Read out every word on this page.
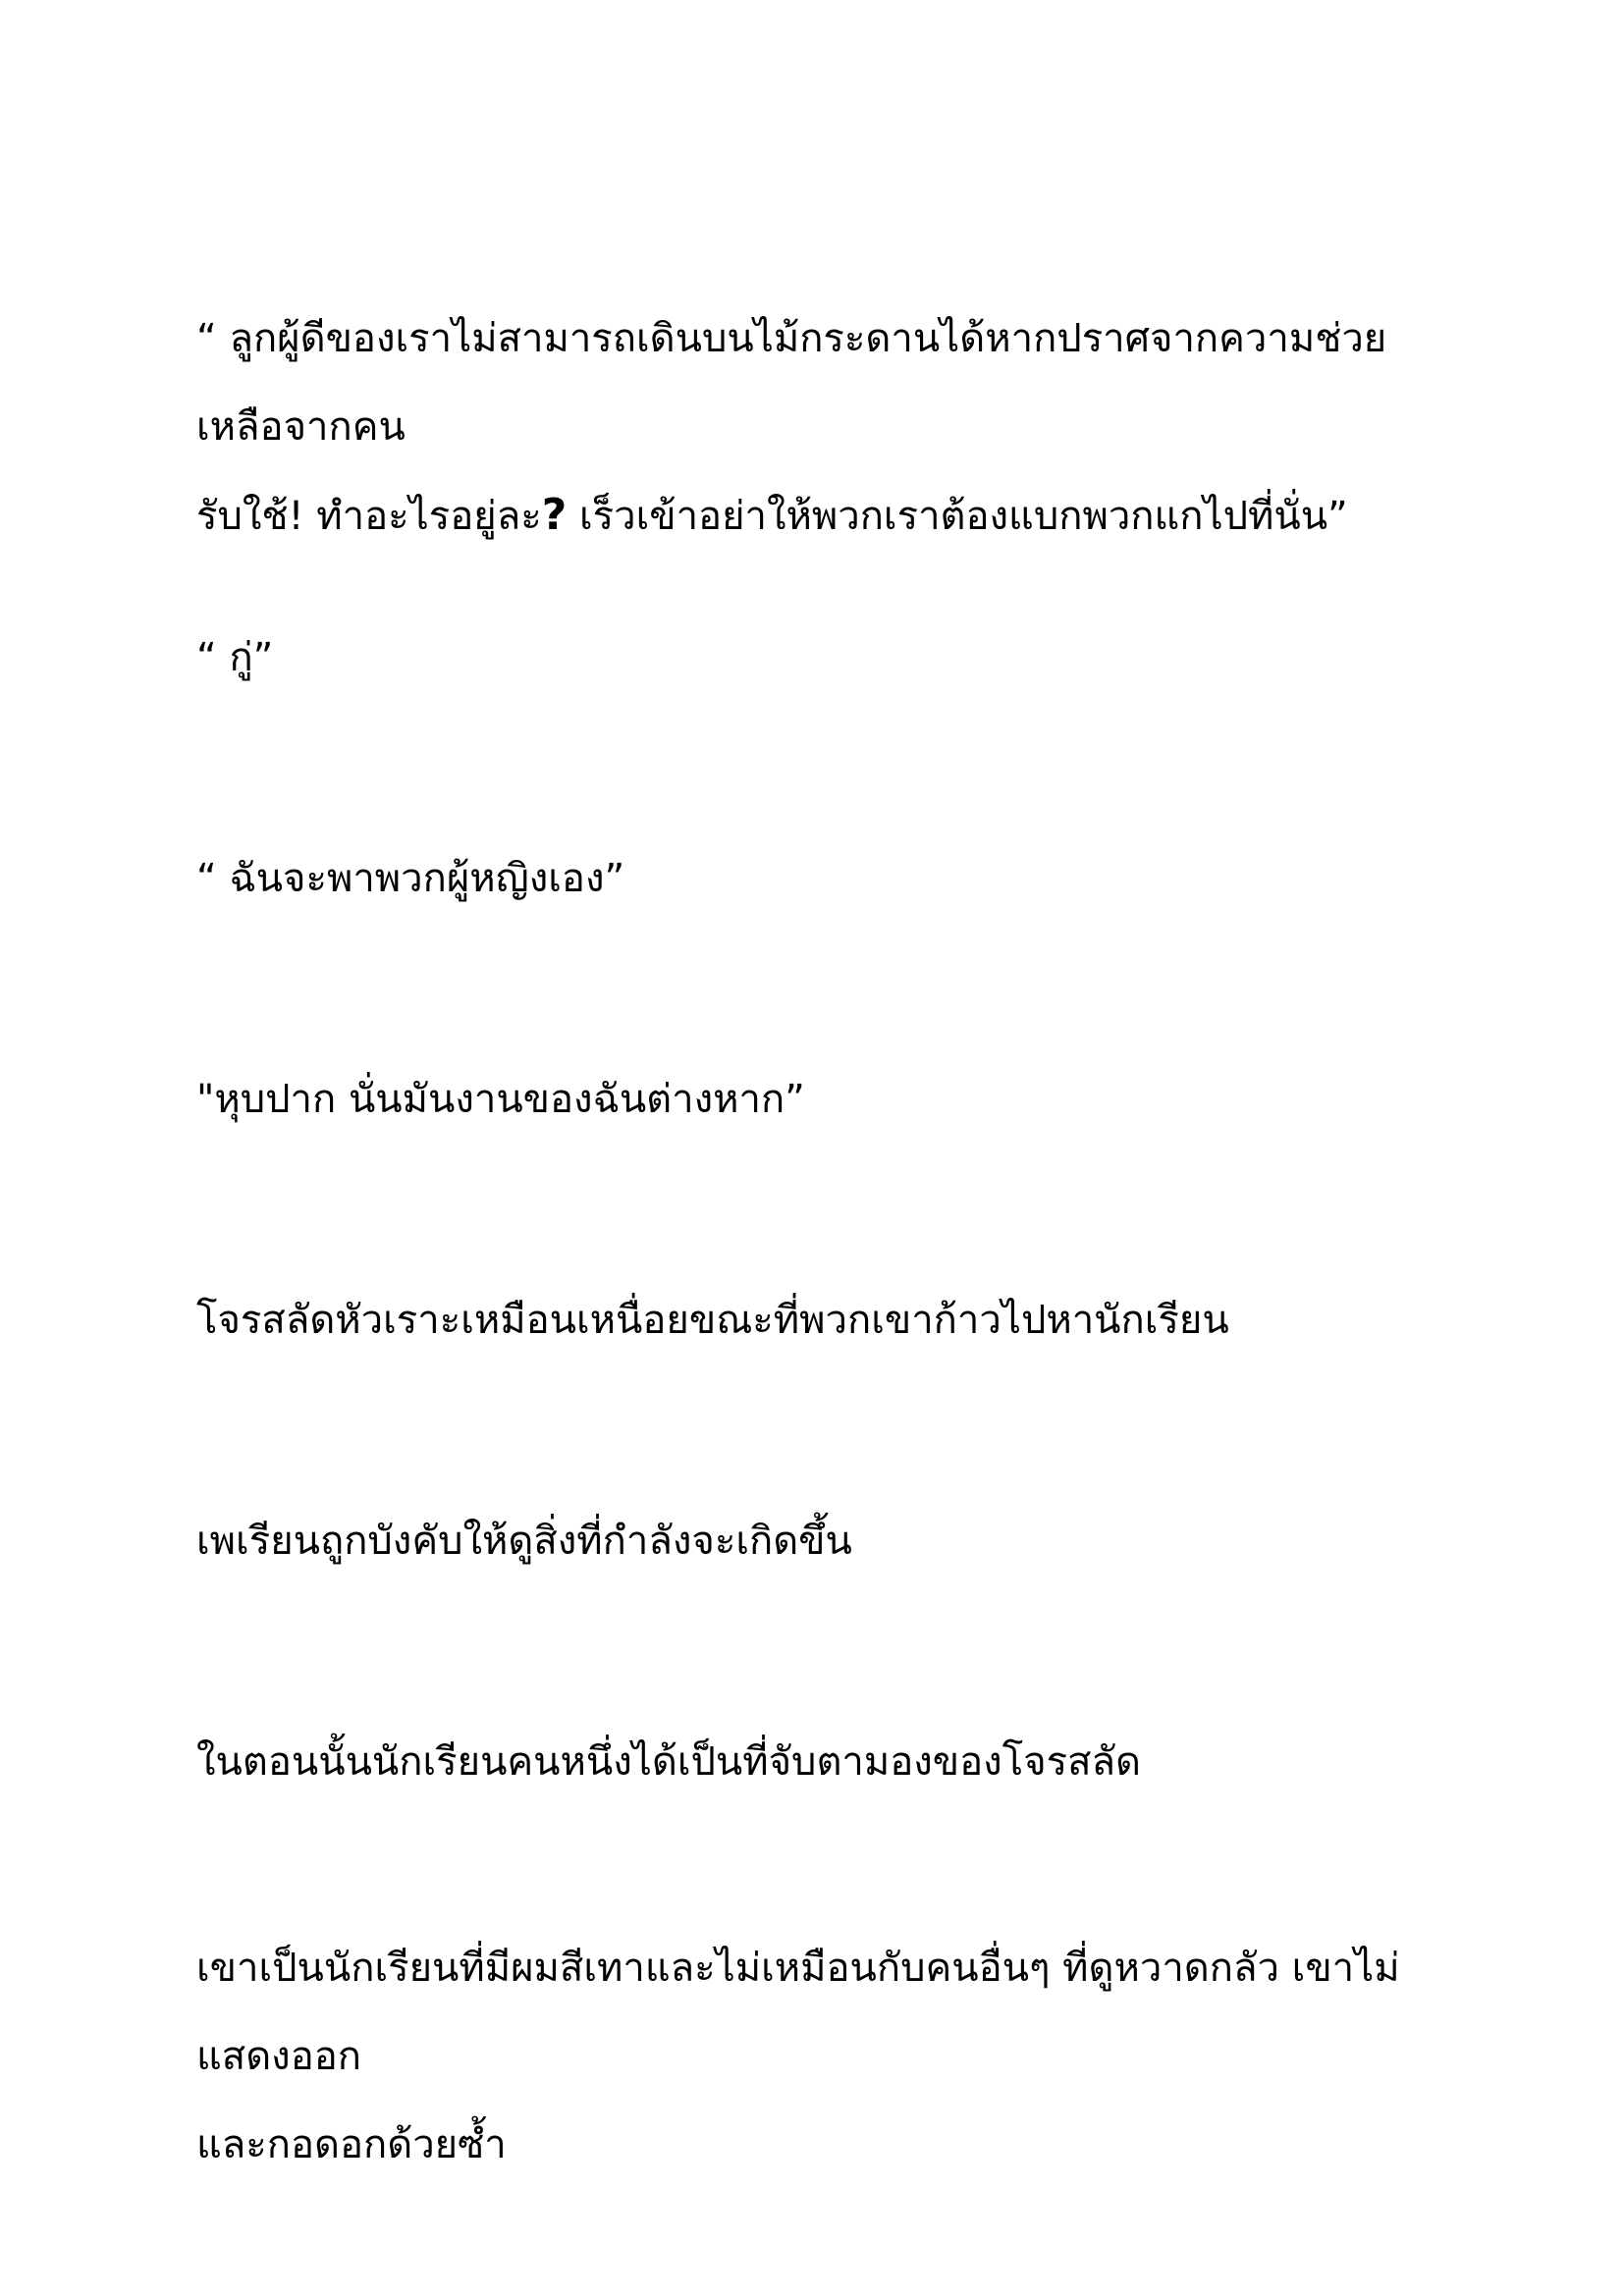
“ ลูกผู้ดีของเราไม่สามารถเดินบนไม้กระดานได้หากปราศจากความช่วยเหลือจากคน
รับใช้! ทำอะไรอยู่ละ? เร็วเข้าอย่าให้พวกเราต้องแบกพวกแกไปที่นั่น”

“ กู่”

“ ฉันจะพาพวกผู้หญิงเอง”

"หุบปาก นั่นมันงานของฉันต่างหาก”

โจรสลัดหัวเราะเหมือนเหนื่อยขณะที่พวกเขาก้าวไปหานักเรียน

เพเรียนถูกบังคับให้ดูสิ่งที่กำลังจะเกิดขึ้น

ในตอนนั้นนักเรียนคนหนึ่งได้เป็นที่จับตามองของโจรสลัด

เขาเป็นนักเรียนที่มีผมสีเทาและไม่เหมือนกับคนอื่นๆ ที่ดูหวาดกลัว เขาไม่แสดงออก
และกอดอกด้วยซ้ำ
